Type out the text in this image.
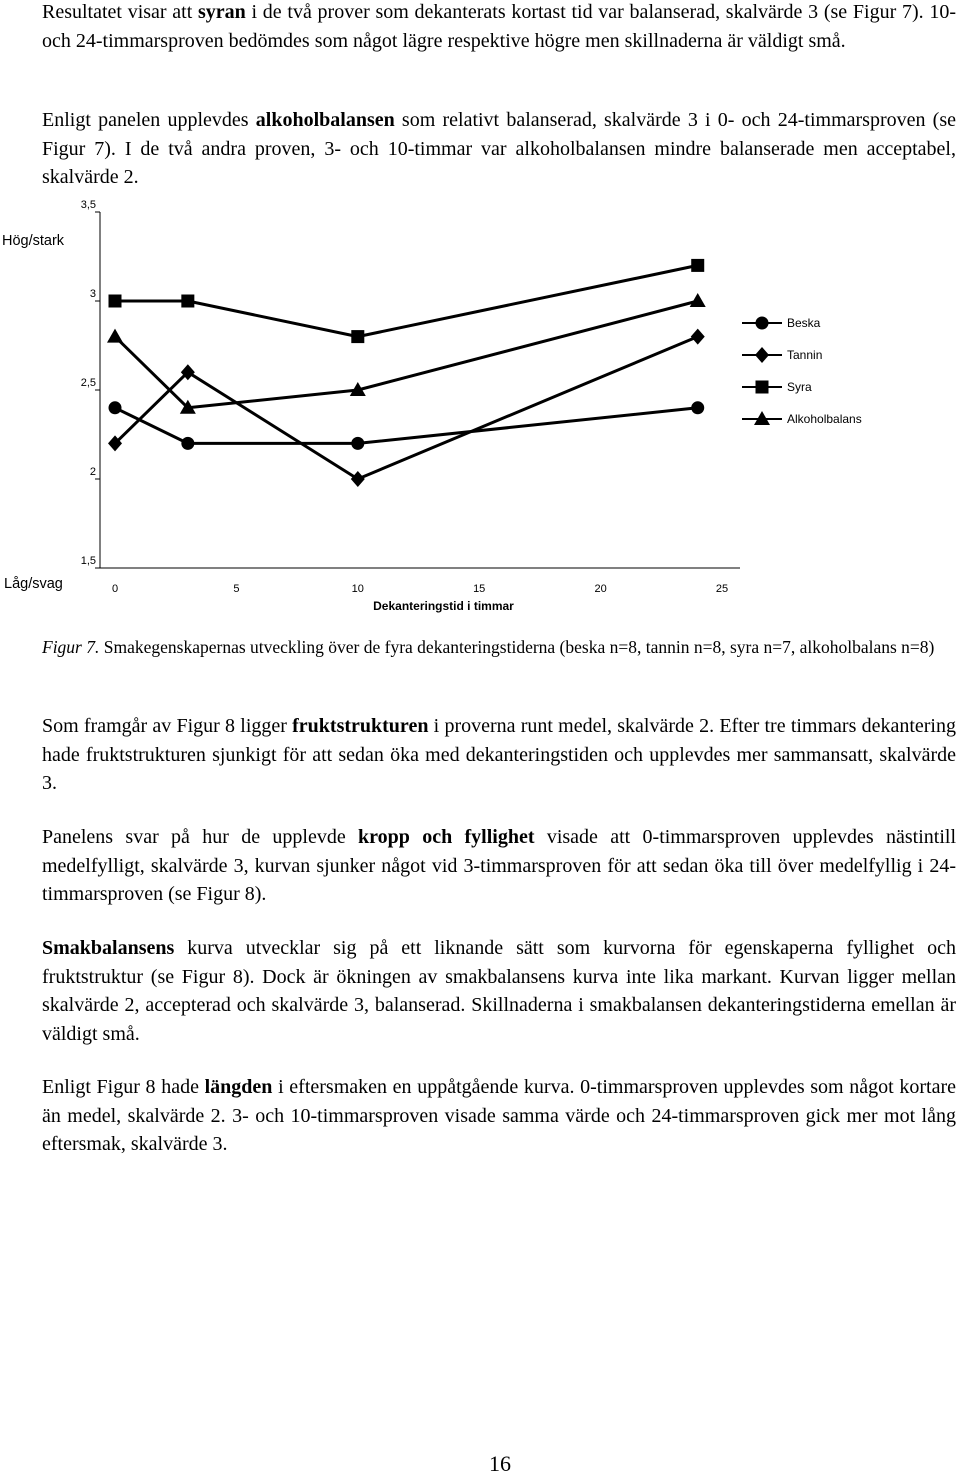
Resultatet visar att syran i de två prover som dekanterats kortast tid var balanserad, skalvärde 3 (se Figur 7). 10- och 24-timmarsproven bedömdes som något lägre respektive högre men skillnaderna är väldigt små.

Enligt panelen upplevdes alkoholbalansen som relativt balanserad, skalvärde 3 i 0- och 24-timmarsproven (se Figur 7). I de två andra proven, 3- och 10-timmar var alkoholbalansen mindre balanserade men acceptabel, skalvärde 2.

0	5	10	15	20	25
1,5
2
2,5
3
3,5
Dekanteringstid i timmar
Hög/stark
Låg/svag
Beska
Tannin
Syra
Alkoholbalans

Figur 7. Smakegenskapernas utveckling över de fyra dekanteringstiderna (beska n=8, tannin n=8, syra n=7, alkoholbalans n=8)

Som framgår av Figur 8 ligger fruktstrukturen i proverna runt medel, skalvärde 2. Efter tre timmars dekantering hade fruktstrukturen sjunkigt för att sedan öka med dekanteringstiden och upplevdes mer sammansatt, skalvärde 3.

Panelens svar på hur de upplevde kropp och fyllighet visade att 0-timmarsproven upplevdes nästintill medelfylligt, skalvärde 3, kurvan sjunker något vid 3-timmarsproven för att sedan öka till över medelfyllig i 24-timmarsproven (se Figur 8).

Smakbalansens kurva utvecklar sig på ett liknande sätt som kurvorna för egenskaperna fyllighet och fruktstruktur (se Figur 8). Dock är ökningen av smakbalansens kurva inte lika markant. Kurvan ligger mellan skalvärde 2, accepterad och skalvärde 3, balanserad. Skillnaderna i smakbalansen dekanteringstiderna emellan är väldigt små.

Enligt Figur 8 hade längden i eftersmaken en uppåtgående kurva. 0-timmarsproven upplevdes som något kortare än medel, skalvärde 2. 3- och 10-timmarsproven visade samma värde och 24-timmarsproven gick mer mot lång eftersmak, skalvärde 3.

16
